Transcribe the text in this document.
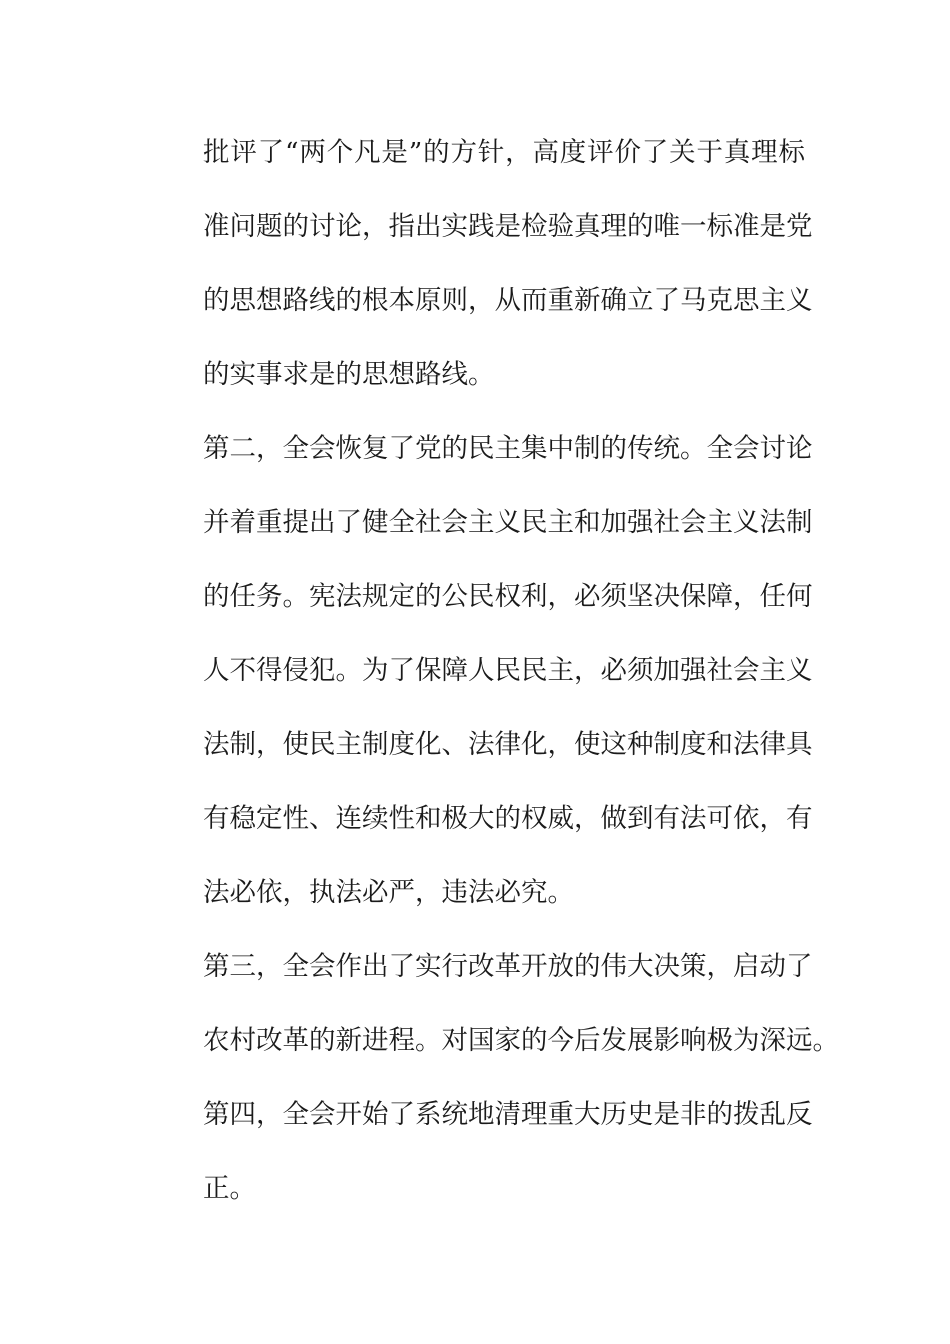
批评了“两个凡是”的方针，高度评价了关于真理标
准问题的讨论，指出实践是检验真理的唯一标准是党
的思想路线的根本原则，从而重新确立了马克思主义
的实事求是的思想路线。
第二，全会恢复了党的民主集中制的传统。全会讨论
并着重提出了健全社会主义民主和加强社会主义法制
的任务。宪法规定的公民权利，必须坚决保障，任何
人不得侵犯。为了保障人民民主，必须加强社会主义
法制，使民主制度化、法律化，使这种制度和法律具
有稳定性、连续性和极大的权威，做到有法可依，有
法必依，执法必严，违法必究。
第三，全会作出了实行改革开放的伟大决策，启动了
农村改革的新进程。对国家的今后发展影响极为深远。
第四，全会开始了系统地清理重大历史是非的拨乱反
正。
